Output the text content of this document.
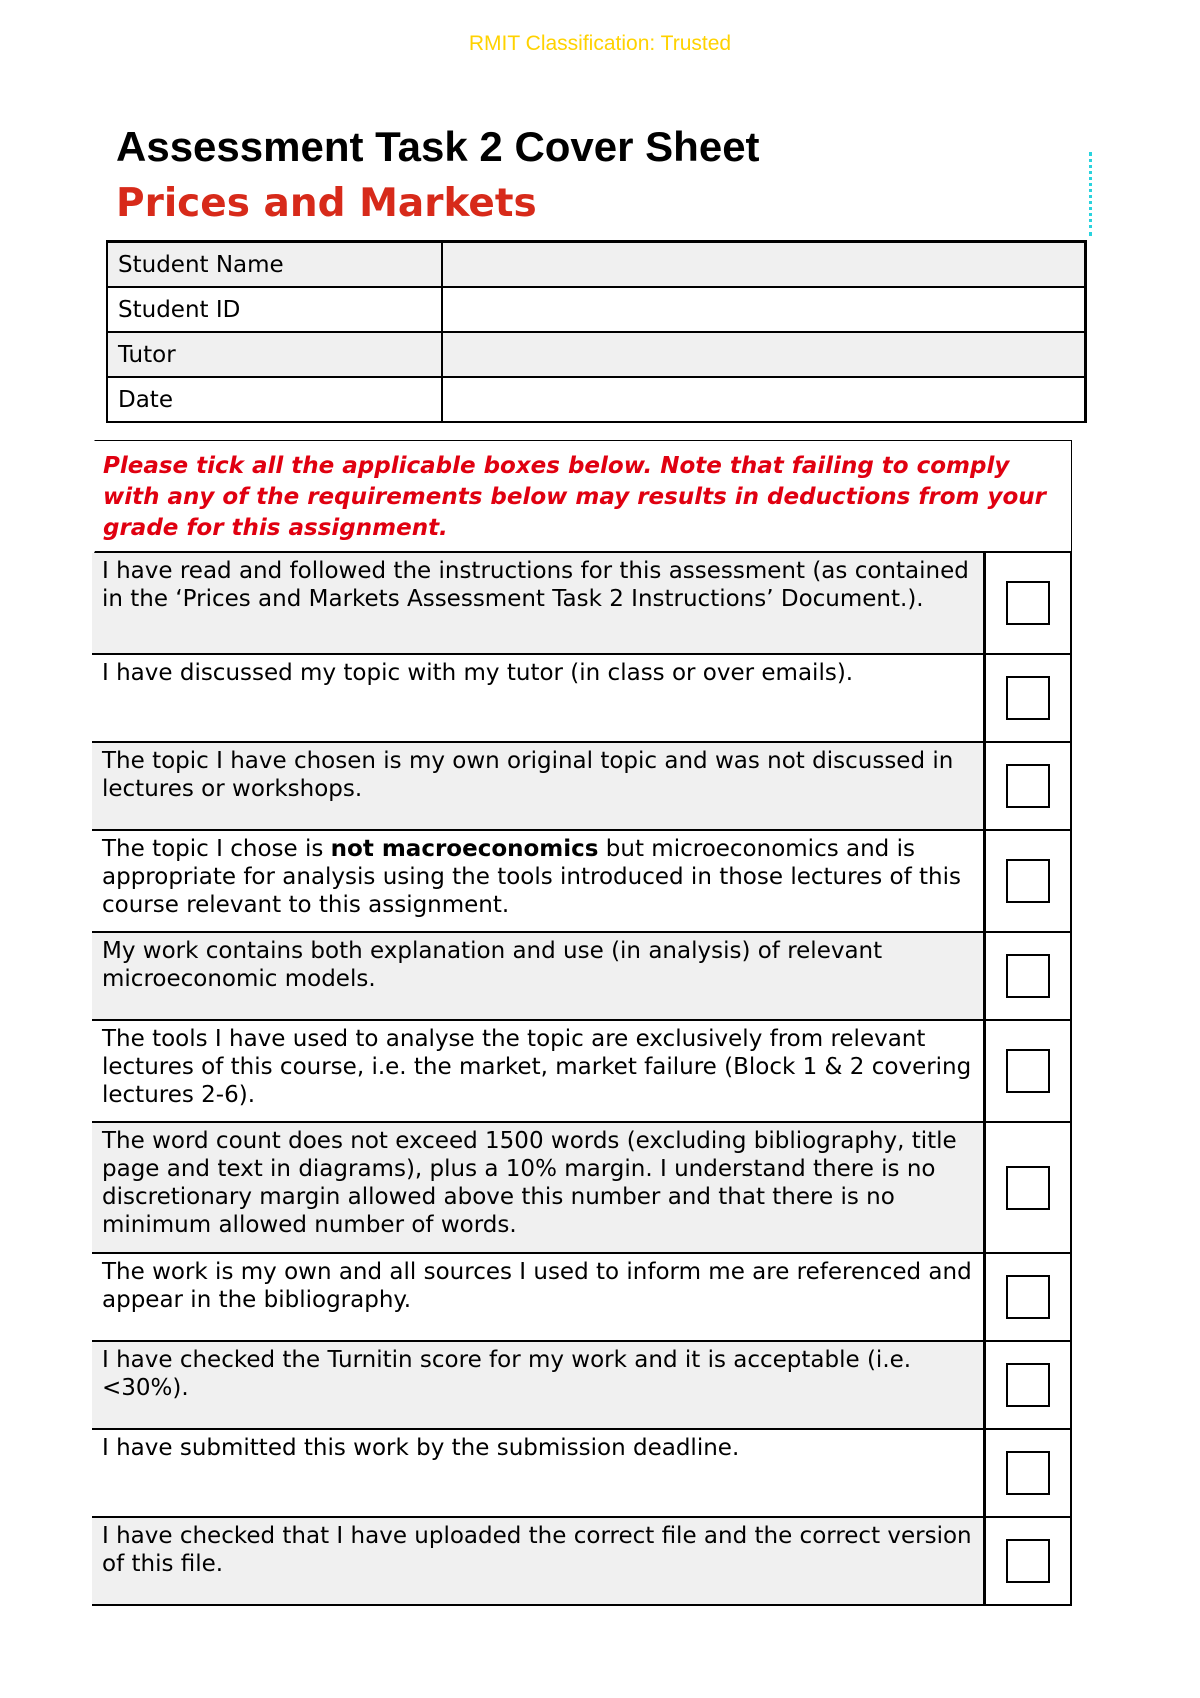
RMIT Classification: Trusted
Assessment Task 2 Cover Sheet
Prices and Markets
Student Name	
Student ID	
Tutor	
Date	
Please tick all the applicable boxes below. Note that failing to comply with any of the requirements below may results in deductions from your grade for this assignment.
I have read and followed the instructions for this assessment (as contained in the ‘Prices and Markets Assessment Task 2 Instructions’ Document.).
I have discussed my topic with my tutor (in class or over emails).
The topic I have chosen is my own original topic and was not discussed in lectures or workshops.
The topic I chose is not macroeconomics but microeconomics and is appropriate for analysis using the tools introduced in those lectures of this course relevant to this assignment.
My work contains both explanation and use (in analysis) of relevant microeconomic models.
The tools I have used to analyse the topic are exclusively from relevant lectures of this course, i.e. the market, market failure (Block 1 & 2 covering lectures 2-6).
The word count does not exceed 1500 words (excluding bibliography, title page and text in diagrams), plus a 10% margin. I understand there is no discretionary margin allowed above this number and that there is no minimum allowed number of words.
The work is my own and all sources I used to inform me are referenced and appear in the bibliography.
I have checked the Turnitin score for my work and it is acceptable (i.e. <30%).
I have submitted this work by the submission deadline.
I have checked that I have uploaded the correct file and the correct version of this file.
